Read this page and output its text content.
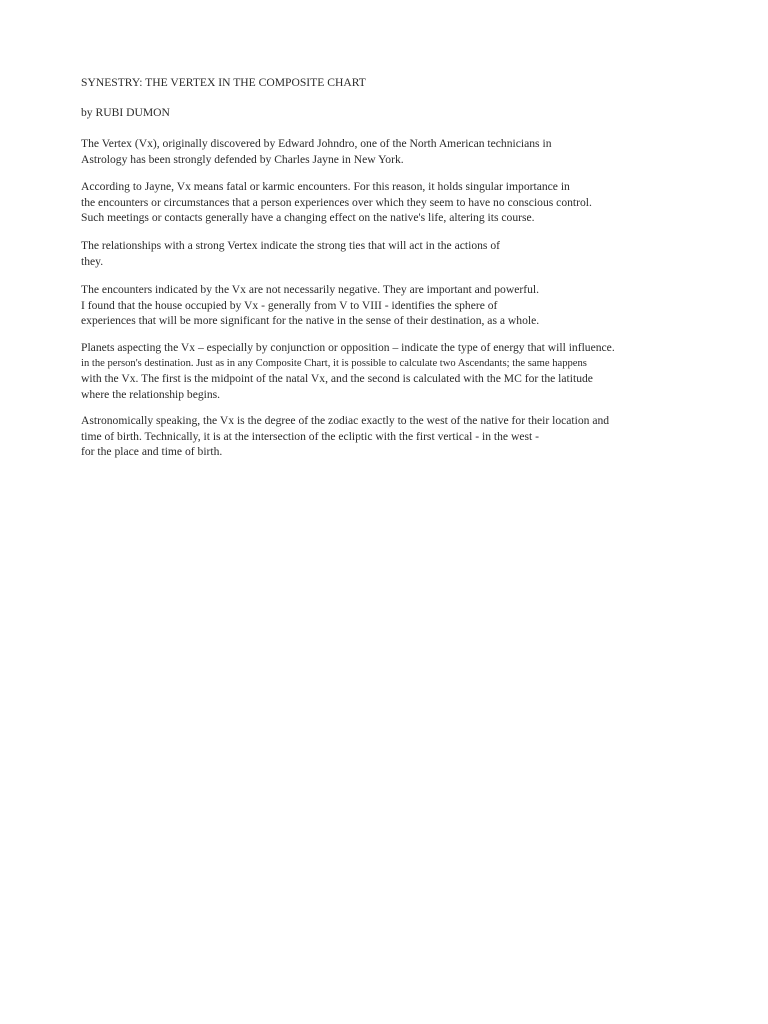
SYNESTRY: THE VERTEX IN THE COMPOSITE CHART

by RUBI DUMON

The Vertex (Vx), originally discovered by Edward Johndro, one of the North American technicians in
Astrology has been strongly defended by Charles Jayne in New York.

According to Jayne, Vx means fatal or karmic encounters. For this reason, it holds singular importance in
the encounters or circumstances that a person experiences over which they seem to have no conscious control.
Such meetings or contacts generally have a changing effect on the native's life, altering its course.

The relationships with a strong Vertex indicate the strong ties that will act in the actions of
they.

The encounters indicated by the Vx are not necessarily negative. They are important and powerful.
I found that the house occupied by Vx - generally from V to VIII - identifies the sphere of
experiences that will be more significant for the native in the sense of their destination, as a whole.

Planets aspecting the Vx – especially by conjunction or opposition – indicate the type of energy that will influence.
in the person's destination. Just as in any Composite Chart, it is possible to calculate two Ascendants; the same happens
with the Vx. The first is the midpoint of the natal Vx, and the second is calculated with the MC for the latitude
where the relationship begins.

Astronomically speaking, the Vx is the degree of the zodiac exactly to the west of the native for their location and
time of birth. Technically, it is at the intersection of the ecliptic with the first vertical - in the west -
for the place and time of birth.
